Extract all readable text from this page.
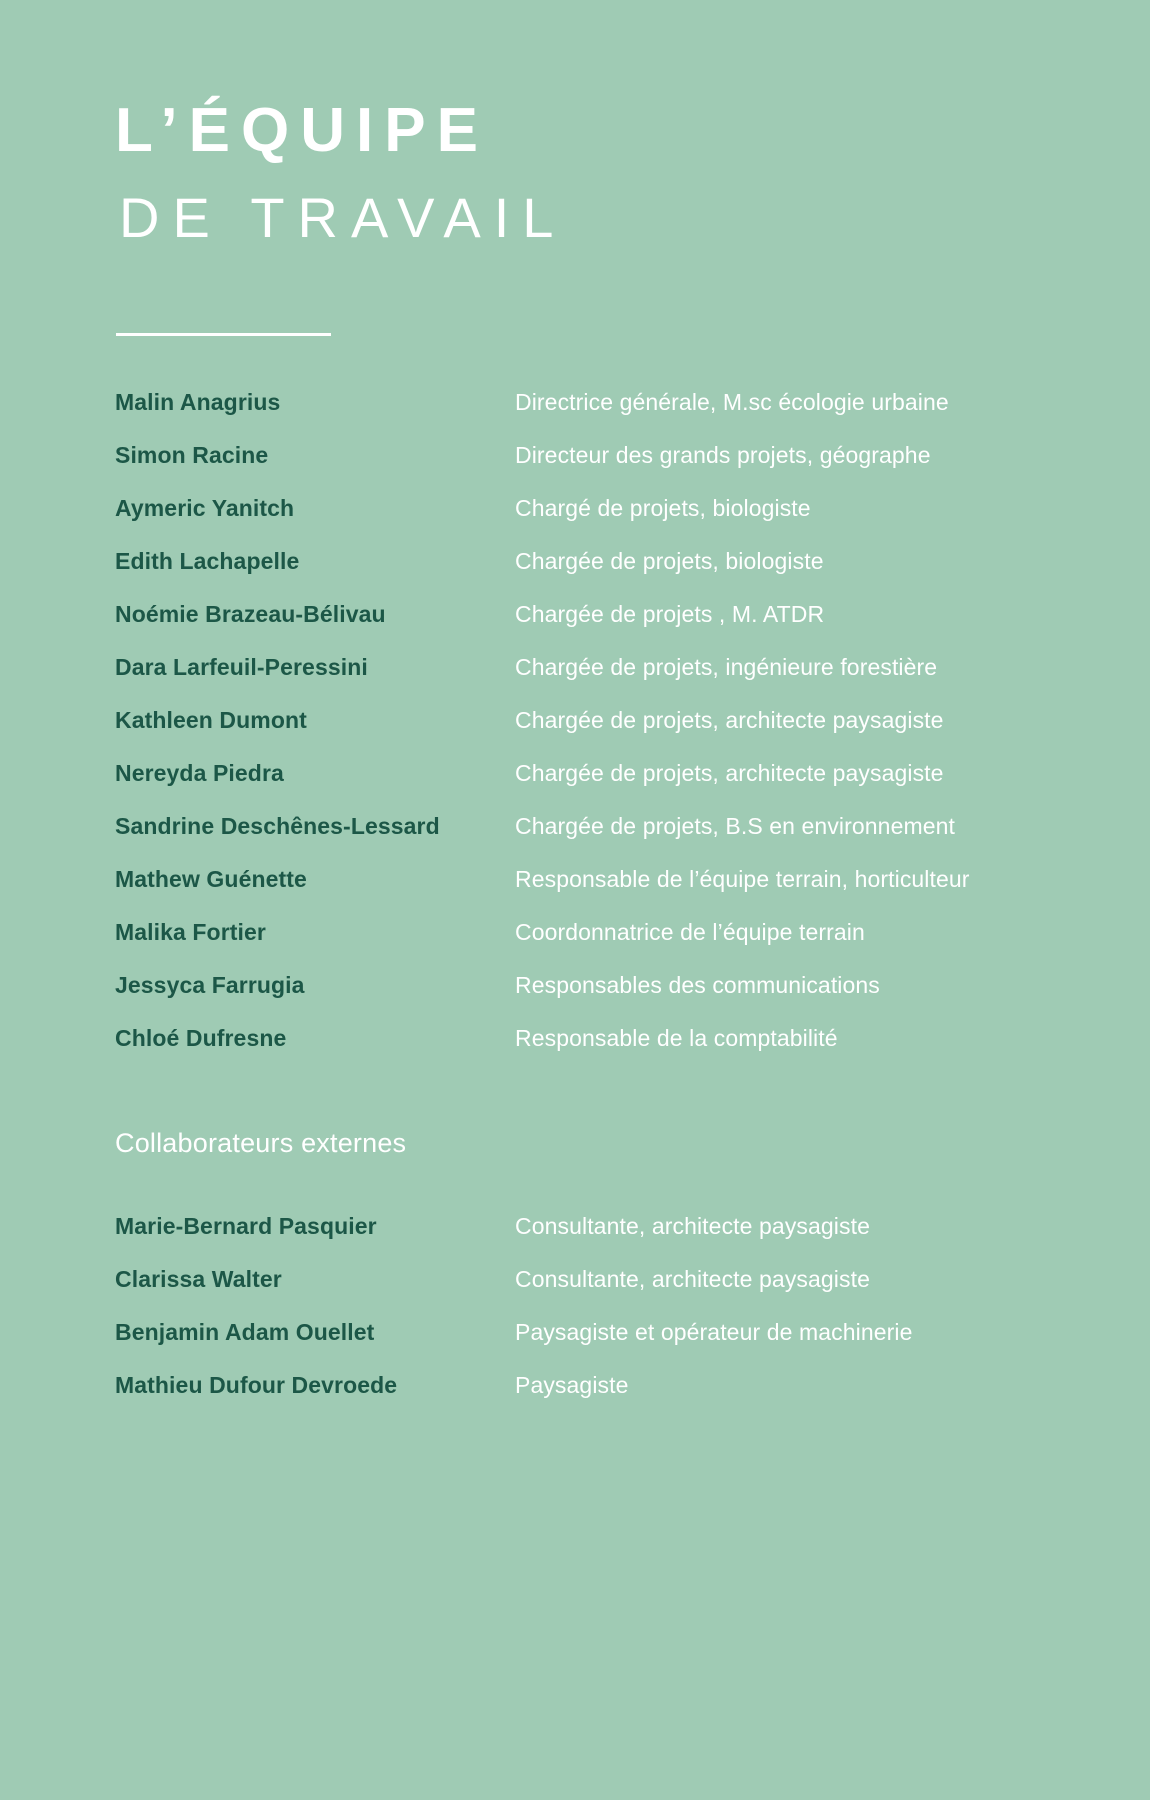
L’ÉQUIPE
DE TRAVAIL
Malin Anagrius	Directrice générale, M.sc écologie urbaine
Simon Racine	Directeur des grands projets, géographe
Aymeric Yanitch	Chargé de projets, biologiste
Edith Lachapelle	Chargée de projets, biologiste
Noémie Brazeau-Bélivau	Chargée de projets , M. ATDR
Dara Larfeuil-Peressini	Chargée de projets, ingénieure forestière
Kathleen Dumont	Chargée de projets, architecte paysagiste
Nereyda Piedra	Chargée de projets, architecte paysagiste
Sandrine Deschênes-Lessard	Chargée de projets, B.S en environnement
Mathew Guénette	Responsable de l’équipe terrain, horticulteur
Malika Fortier	Coordonnatrice de l’équipe terrain
Jessyca Farrugia	Responsables des communications
Chloé Dufresne	Responsable de la comptabilité
Collaborateurs externes
Marie-Bernard Pasquier	Consultante, architecte paysagiste
Clarissa Walter	Consultante, architecte paysagiste
Benjamin Adam Ouellet	Paysagiste et opérateur de machinerie
Mathieu Dufour Devroede	Paysagiste
